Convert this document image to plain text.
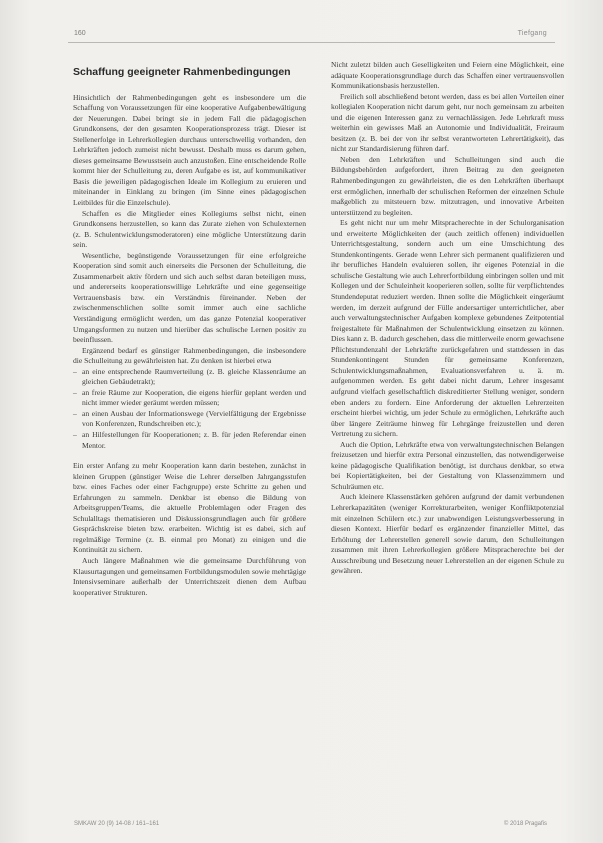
160	Tiefgang
Schaffung geeigneter Rahmenbedingungen

Hinsichtlich der Rahmenbedingungen geht es insbesondere um die Schaffung von Voraussetzungen für eine kooperative Aufgabenbewältigung der Neuerungen. Dabei bringt sie in jedem Fall die pädagogischen Grundkonsens, der den gesamten Kooperationsprozess trägt. Dieser ist Stellenerfolge in Lehrerkollegien durchaus unterschwellig vorhanden, den Lehrkräften jedoch zumeist nicht bewusst. Deshalb muss es darum gehen, dieses gemeinsame Bewusstsein auch anzustoßen. Eine entscheidende Rolle kommt hier der Schulleitung zu, deren Aufgabe es ist, auf kommunikativer Basis die jeweiligen pädagogischen Ideale im Kollegium zu eruieren und miteinander in Einklang zu bringen (im Sinne eines pädagogischen Leitbildes für die Einzelschule).

Schaffen es die Mitglieder eines Kollegiums selbst nicht, einen Grundkonsens herzustellen, so kann das Zurate ziehen von Schulexternen (z. B. Schulentwicklungsmoderatoren) eine mögliche Unterstützung darin sein.

Wesentliche, begünstigende Voraussetzungen für eine erfolgreiche Kooperation sind somit auch einerseits die Personen der Schulleitung, die Zusammenarbeit aktiv fördern und sich auch selbst daran beteiligen muss, und andererseits kooperationswillige Lehrkräfte und eine gegenseitige Vertrauensbasis bzw. ein Verständnis füreinander. Neben der zwischenmenschlichen sollte somit immer auch eine sachliche Verständigung ermöglicht werden, um das ganze Potenzial kooperativer Umgangsformen zu nutzen und hierüber das schulische Lernen positiv zu beeinflussen.

Ergänzend bedarf es günstiger Rahmenbedingungen, die insbesondere die Schulleitung zu gewährleisten hat. Zu denken ist hierbei etwa

– an eine entsprechende Raumverteilung (z. B. gleiche Klassenräume an gleichen Gebäudetrakt);
– an freie Räume zur Kooperation, die eigens hierfür geplant werden und nicht immer wieder geräumt werden müssen;
– an einen Ausbau der Informationswege (Vervielfältigung der Ergebnisse von Konferenzen, Rundschreiben etc.);
– an Hilfestellungen für Kooperationen; z. B. für jeden Referendar einen Mentor.

Ein erster Anfang zu mehr Kooperation kann darin bestehen, zunächst in kleinen Gruppen (günstiger Weise die Lehrer derselben Jahrgangsstufen bzw. eines Faches oder einer Fachgruppe) erste Schritte zu gehen und Erfahrungen zu sammeln. Denkbar ist ebenso die Bildung von Arbeitsgruppen/Teams, die aktuelle Problemlagen oder Fragen des Schulalltags thematisieren und Diskussionsgrundlagen auch für größere Gesprächskreise bieten bzw. erarbeiten. Wichtig ist es dabei, sich auf regelmäßige Termine (z. B. einmal pro Monat) zu einigen und die Kontinuität zu sichern.

Auch längere Maßnahmen wie die gemeinsame Durchführung von Klausurtagungen und gemeinsamen Fortbildungsmodulen sowie mehrtägige Intensivseminare außerhalb der Unterrichtszeit dienen dem Aufbau kooperativer Strukturen.

Nicht zuletzt bilden auch Geselligkeiten und Feiern eine Möglichkeit, eine adäquate Kooperationsgrundlage durch das Schaffen einer vertrauensvollen Kommunikationsbasis herzustellen.

Freilich soll abschließend betont werden, dass es bei allen Vorteilen einer kollegialen Kooperation nicht darum geht, nur noch gemeinsam zu arbeiten und die eigenen Interessen ganz zu vernachlässigen. Jede Lehrkraft muss weiterhin ein gewisses Maß an Autonomie und Individualität, Freiraum besitzen (z. B. bei der von ihr selbst verantworteten Lehrertätigkeit), das nicht zur Standardisierung führen darf.

Neben den Lehrkräften und Schulleitungen sind auch die Bildungsbehörden aufgefordert, ihren Beitrag zu den geeigneten Rahmenbedingungen zu gewährleisten, die es den Lehrkräften überhaupt erst ermöglichen, innerhalb der schulischen Reformen der einzelnen Schule maßgeblich zu mitsteuern bzw. mitzutragen, und innovative Arbeiten unterstützend zu begleiten.

Es geht nicht nur um mehr Mitspracherechte in der Schulorganisation und erweiterte Möglichkeiten der (auch zeitlich offenen) individuellen Unterrichtsgestaltung, sondern auch um eine Umschichtung des Stundenkontingents. Gerade wenn Lehrer sich permanent qualifizieren und ihr berufliches Handeln evaluieren sollen, ihr eigenes Potenzial in die schulische Gestaltung wie auch Lehrerfortbildung einbringen sollen und mit Kollegen und der Schuleinheit kooperieren sollen, sollte für verpflichtendes Stundendeputat reduziert werden. Ihnen sollte die Möglichkeit eingeräumt werden, im derzeit aufgrund der Fülle andersartiger unterrichtlicher, aber auch verwaltungstechnischer Aufgaben komplexe gebundenes Zeitpotential freigestaltete für Maßnahmen der Schulentwicklung einsetzen zu können. Dies kann z. B. dadurch geschehen, dass die mittlerweile enorm gewachsene Pflichtstundenzahl der Lehrkräfte zurückgefahren und stattdessen in das Stundenkontingent Stunden für gemeinsame Konferenzen, Schulentwicklungsmaßnahmen, Evaluationsverfahren u. ä. m. aufgenommen werden. Es geht dabei nicht darum, Lehrer insgesamt aufgrund vielfach gesellschaftlich diskreditierter Stellung weniger, sondern eben anders zu fordern. Eine Anforderung der aktuellen Lehrerzeiten erscheint hierbei wichtig, um jeder Schule zu ermöglichen, Lehrkräfte auch über längere Zeiträume hinweg für Lehrgänge freizustellen und deren Vertretung zu sichern.

Auch die Option, Lehrkräfte etwa von verwaltungstechnischen Belangen freizusetzen und hierfür extra Personal einzustellen, das notwendigerweise keine pädagogische Qualifikation benötigt, ist durchaus denkbar, so etwa bei Kopiertätigkeiten, bei der Gestaltung von Klassenzimmern und Schulräumen etc.

Auch kleinere Klassenstärken gehören aufgrund der damit verbundenen Lehrerkapazitäten (weniger Korrekturarbeiten, weniger Konfliktpotenzial mit einzelnen Schülern etc.) zur unabwendigen Leistungsverbesserung in diesen Kontext. Hierfür bedarf es ergänzender finanzieller Mittel, das Erhöhung der Lehrerstellen generell sowie darum, den Schulleitungen zusammen mit ihren Lehrerkollegien größere Mitspracherechte bei der Ausschreibung und Besetzung neuer Lehrerstellen an der eigenen Schule zu gewähren.

SMKAW 20 (9) 14-08 / 161–161	© 2018 Pragafis
